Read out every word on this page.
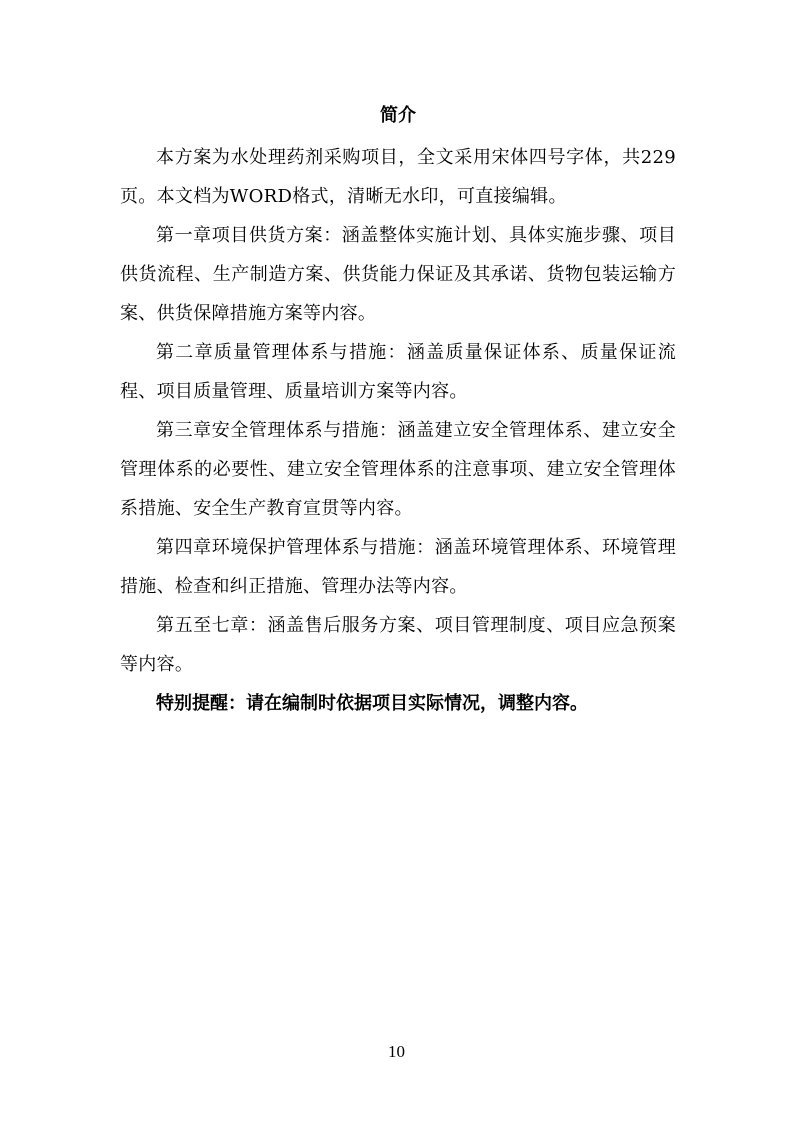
简介

本方案为水处理药剂采购项目，全文采用宋体四号字体，共229页。本文档为WORD格式，清晰无水印，可直接编辑。

第一章项目供货方案：涵盖整体实施计划、具体实施步骤、项目供货流程、生产制造方案、供货能力保证及其承诺、货物包装运输方案、供货保障措施方案等内容。

第二章质量管理体系与措施：涵盖质量保证体系、质量保证流程、项目质量管理、质量培训方案等内容。

第三章安全管理体系与措施：涵盖建立安全管理体系、建立安全管理体系的必要性、建立安全管理体系的注意事项、建立安全管理体系措施、安全生产教育宣贯等内容。

第四章环境保护管理体系与措施：涵盖环境管理体系、环境管理措施、检查和纠正措施、管理办法等内容。

第五至七章：涵盖售后服务方案、项目管理制度、项目应急预案等内容。

特别提醒：请在编制时依据项目实际情况，调整内容。

10
